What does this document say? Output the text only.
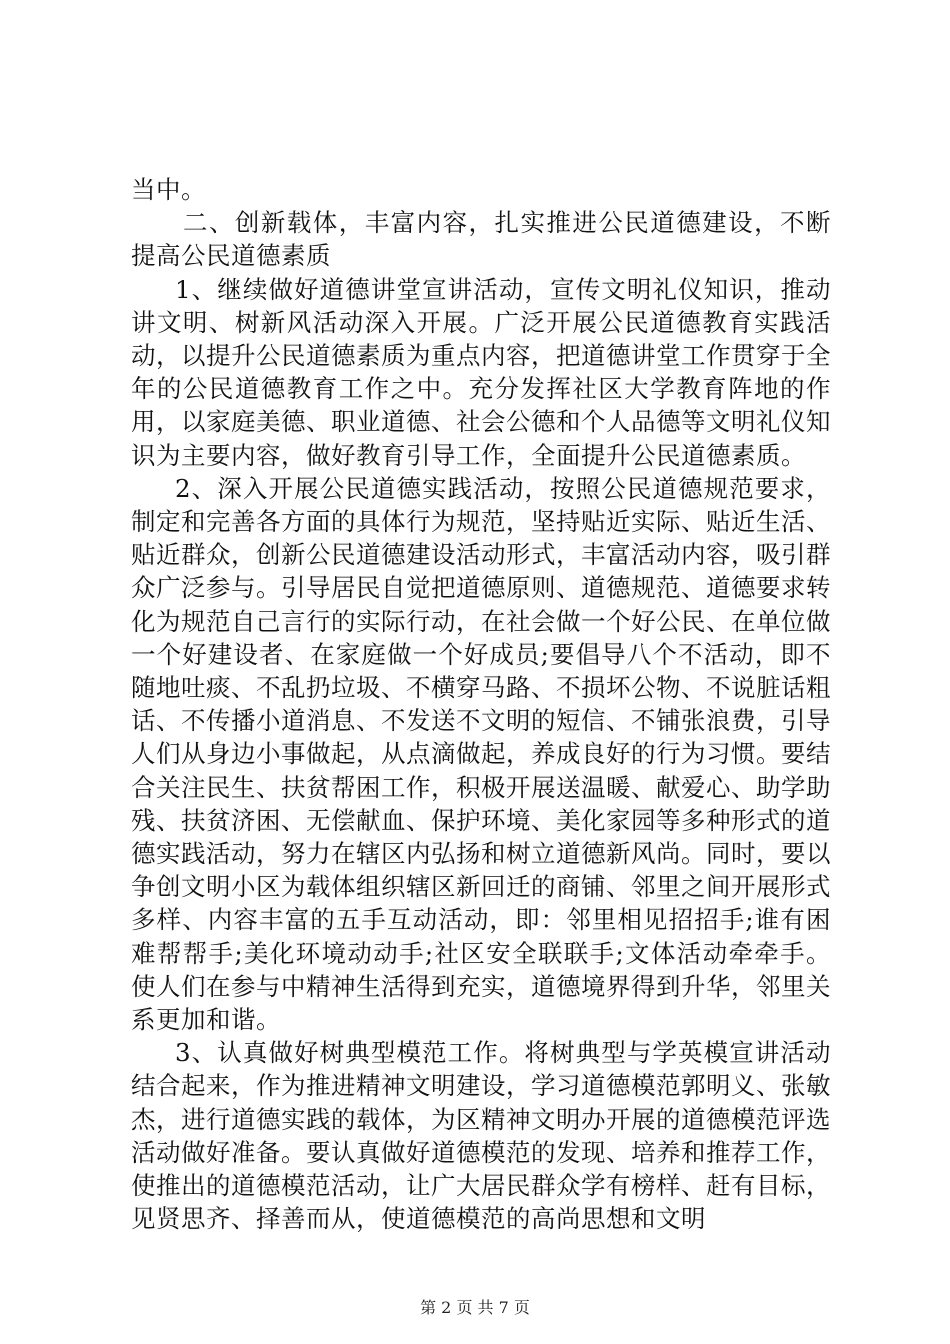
当中。

二、创新载体，丰富内容，扎实推进公民道德建设，不断提高公民道德素质

1、继续做好道德讲堂宣讲活动，宣传文明礼仪知识，推动讲文明、树新风活动深入开展。广泛开展公民道德教育实践活动，以提升公民道德素质为重点内容，把道德讲堂工作贯穿于全年的公民道德教育工作之中。充分发挥社区大学教育阵地的作用，以家庭美德、职业道德、社会公德和个人品德等文明礼仪知识为主要内容，做好教育引导工作，全面提升公民道德素质。

2、深入开展公民道德实践活动，按照公民道德规范要求，制定和完善各方面的具体行为规范，坚持贴近实际、贴近生活、贴近群众，创新公民道德建设活动形式，丰富活动内容，吸引群众广泛参与。引导居民自觉把道德原则、道德规范、道德要求转化为规范自己言行的实际行动，在社会做一个好公民、在单位做一个好建设者、在家庭做一个好成员;要倡导八个不活动，即不随地吐痰、不乱扔垃圾、不横穿马路、不损坏公物、不说脏话粗话、不传播小道消息、不发送不文明的短信、不铺张浪费，引导人们从身边小事做起，从点滴做起，养成良好的行为习惯。要结合关注民生、扶贫帮困工作，积极开展送温暖、献爱心、助学助残、扶贫济困、无偿献血、保护环境、美化家园等多种形式的道德实践活动，努力在辖区内弘扬和树立道德新风尚。同时，要以争创文明小区为载体组织辖区新回迁的商铺、邻里之间开展形式多样、内容丰富的五手互动活动，即：邻里相见招招手;谁有困难帮帮手;美化环境动动手;社区安全联联手;文体活动牵牵手。使人们在参与中精神生活得到充实，道德境界得到升华，邻里关系更加和谐。

3、认真做好树典型模范工作。将树典型与学英模宣讲活动结合起来，作为推进精神文明建设，学习道德模范郭明义、张敏杰，进行道德实践的载体，为区精神文明办开展的道德模范评选活动做好准备。要认真做好道德模范的发现、培养和推荐工作，使推出的道德模范活动，让广大居民群众学有榜样、赶有目标，见贤思齐、择善而从，使道德模范的高尚思想和文明

第 2 页 共 7 页
